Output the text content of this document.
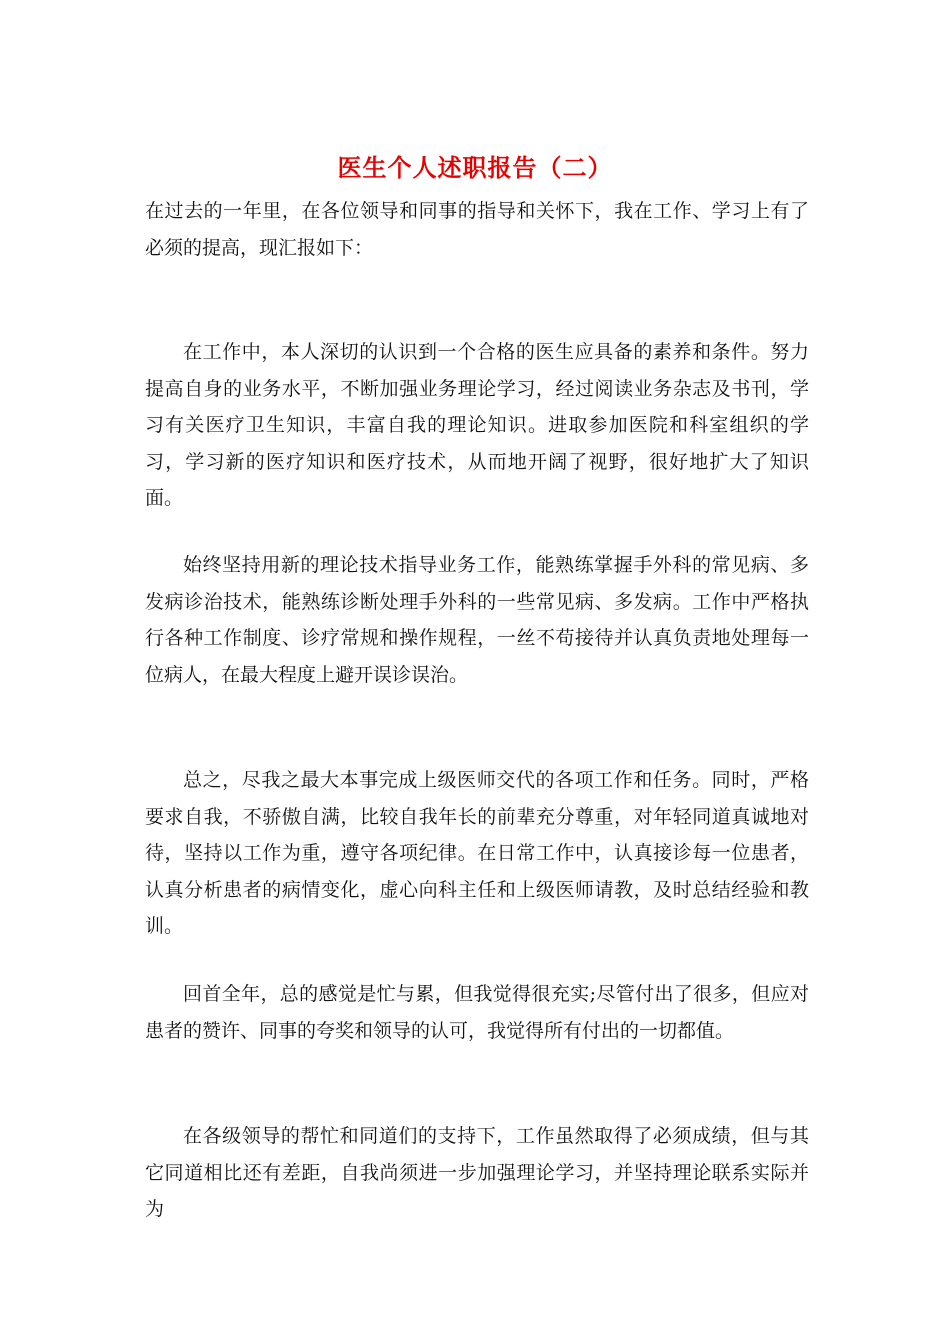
医生个人述职报告（二）

在过去的一年里，在各位领导和同事的指导和关怀下，我在工作、学习上有了必须的提高，现汇报如下：

在工作中，本人深切的认识到一个合格的医生应具备的素养和条件。努力提高自身的业务水平，不断加强业务理论学习，经过阅读业务杂志及书刊，学习有关医疗卫生知识，丰富自我的理论知识。进取参加医院和科室组织的学习，学习新的医疗知识和医疗技术，从而地开阔了视野，很好地扩大了知识面。

始终坚持用新的理论技术指导业务工作，能熟练掌握手外科的常见病、多发病诊治技术，能熟练诊断处理手外科的一些常见病、多发病。工作中严格执行各种工作制度、诊疗常规和操作规程，一丝不苟接待并认真负责地处理每一位病人，在最大程度上避开误诊误治。

总之，尽我之最大本事完成上级医师交代的各项工作和任务。同时，严格要求自我，不骄傲自满，比较自我年长的前辈充分尊重，对年轻同道真诚地对待，坚持以工作为重，遵守各项纪律。在日常工作中，认真接诊每一位患者，认真分析患者的病情变化，虚心向科主任和上级医师请教，及时总结经验和教训。

回首全年，总的感觉是忙与累，但我觉得很充实;尽管付出了很多，但应对患者的赞许、同事的夸奖和领导的认可，我觉得所有付出的一切都值。

在各级领导的帮忙和同道们的支持下，工作虽然取得了必须成绩，但与其它同道相比还有差距，自我尚须进一步加强理论学习，并坚持理论联系实际并为
